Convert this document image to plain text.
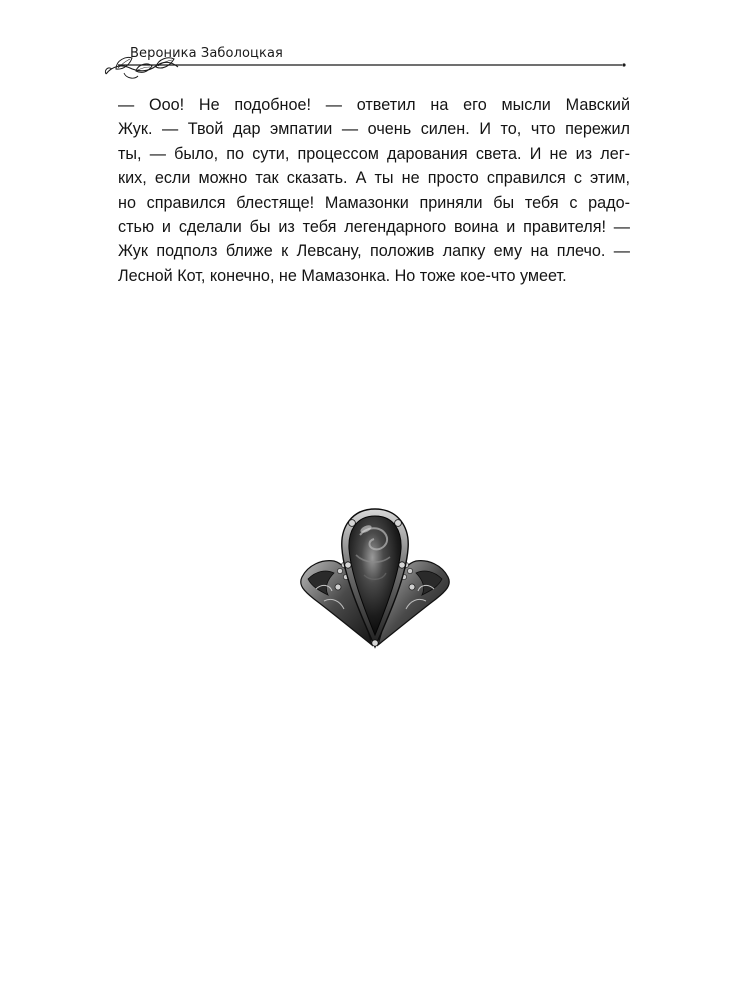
Вероника Заболоцкая

— Ооо! Не подобное! — ответил на его мысли Мавский
Жук. — Твой дар эмпатии — очень силен. И то, что пережил
ты, — было, по сути, процессом дарования света. И не из лег-
ких, если можно так сказать. А ты не просто справился с этим,
но справился блестяще! Мамазонки приняли бы тебя с радо-
стью и сделали бы из тебя легендарного воина и правителя! —
Жук подполз ближе к Левсану, положив лапку ему на плечо. —
Лесной Кот, конечно, не Мамазонка. Но тоже кое-что умеет.
